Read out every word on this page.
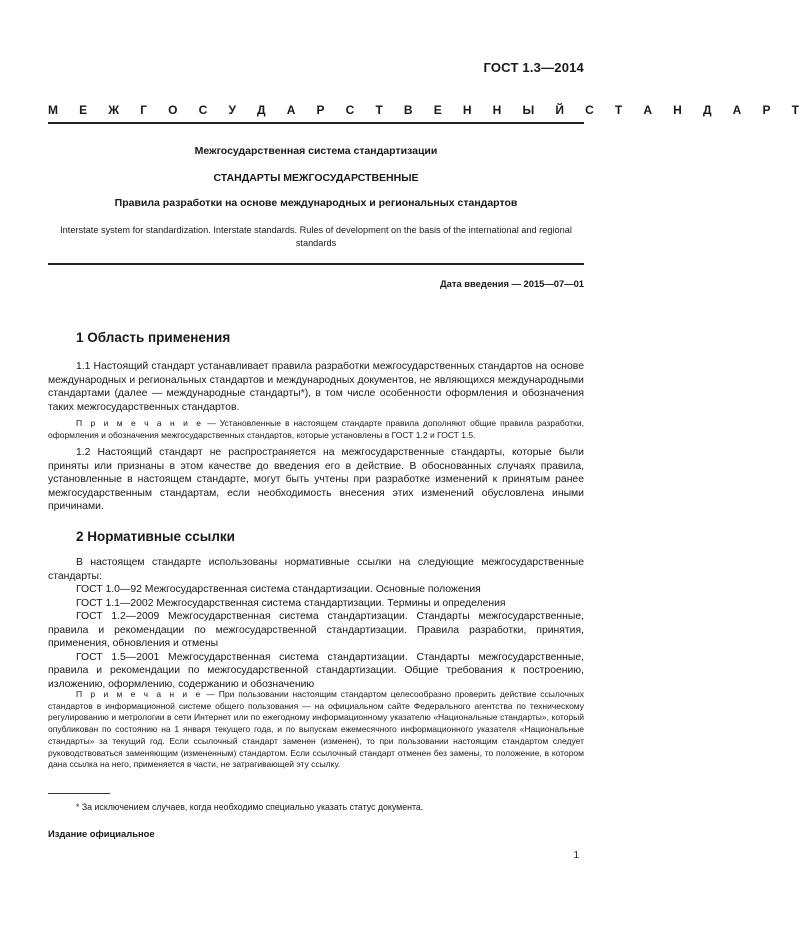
ГОСТ 1.3—2014
М Е Ж Г О С У Д А Р С Т В Е Н Н Ы Й С Т А Н Д А Р Т
Межгосударственная система стандартизации
СТАНДАРТЫ МЕЖГОСУДАРСТВЕННЫЕ
Правила разработки на основе международных и региональных стандартов
Interstate system for standardization. Interstate standards. Rules of development on the basis of the international and regional standards
Дата введения — 2015—07—01
1 Область применения
1.1 Настоящий стандарт устанавливает правила разработки межгосударственных стандартов на основе международных и региональных стандартов и международных документов, не являющихся международными стандартами (далее — международные стандарты*), в том числе особенности оформления и обозначения таких межгосударственных стандартов.
П р и м е ч а н и е — Установленные в настоящем стандарте правила дополняют общие правила разработки, оформления и обозначения межгосударственных стандартов, которые установлены в ГОСТ 1.2 и ГОСТ 1.5.
1.2 Настоящий стандарт не распространяется на межгосударственные стандарты, которые были приняты или признаны в этом качестве до введения его в действие. В обоснованных случаях правила, установленные в настоящем стандарте, могут быть учтены при разработке изменений к принятым ранее межгосударственным стандартам, если необходимость внесения этих изменений обусловлена иными причинами.
2 Нормативные ссылки
В настоящем стандарте использованы нормативные ссылки на следующие межгосударственные стандарты:

ГОСТ 1.0—92 Межгосударственная система стандартизации. Основные положения

ГОСТ 1.1—2002 Межгосударственная система стандартизации. Термины и определения

ГОСТ 1.2—2009 Межгосударственная система стандартизации. Стандарты межгосударственные, правила и рекомендации по межгосударственной стандартизации. Правила разработки, принятия, применения, обновления и отмены

ГОСТ 1.5—2001 Межгосударственная система стандартизации. Стандарты межгосударственные, правила и рекомендации по межгосударственной стандартизации. Общие требования к построению, изложению, оформлению, содержанию и обозначению

П р и м е ч а н и е — При пользовании настоящим стандартом целесообразно проверить действие ссылочных стандартов в информационной системе общего пользования — на официальном сайте Федерального агентства по техническому регулированию и метрологии в сети Интернет или по ежегодному информационному указателю «Национальные стандарты», который опубликован по состоянию на 1 января текущего года, и по выпускам ежемесячного информационного указателя «Национальные стандарты» за текущий год. Если ссылочный стандарт заменен (изменен), то при пользовании настоящим стандартом следует руководствоваться заменяющим (измененным) стандартом. Если ссылочный стандарт отменен без замены, то положение, в котором дана ссылка на него, применяется в части, не затрагивающей эту ссылку.
* За исключением случаев, когда необходимо специально указать статус документа.
Издание официальное
1
